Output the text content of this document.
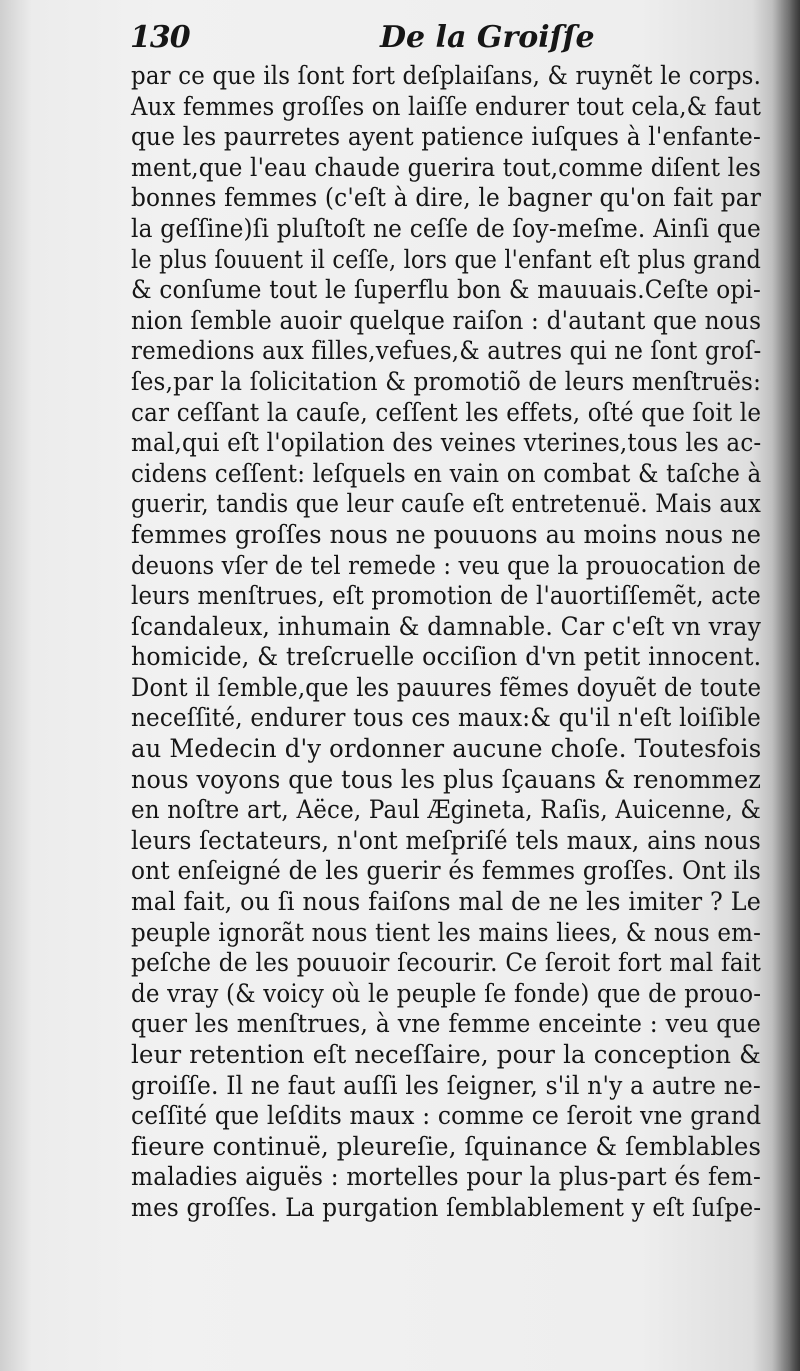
130	De la Groiſſe
par ce que ils ſont fort deſplaiſans, & ruynẽt le corps.
Aux femmes groſſes on laiſſe endurer tout cela,& faut
que les paurretes ayent patience iuſques à l'enfante-
ment,que l'eau chaude guerira tout,comme diſent les
bonnes femmes (c'eſt à dire, le bagner qu'on fait par
la geſſine)ſi pluſtoſt ne ceſſe de ſoy-meſme. Ainſi que
le plus ſouuent il ceſſe, lors que l'enfant eſt plus grand
& conſume tout le ſuperflu bon & mauuais.Ceſte opi-
nion ſemble auoir quelque raiſon : d'autant que nous
remedions aux filles,vefues,& autres qui ne ſont groſ-
ſes,par la ſolicitation & promotiõ de leurs menſtruës:
car ceſſant la cauſe, ceſſent les effets, oſté que ſoit le
mal,qui eſt l'opilation des veines vterines,tous les ac-
cidens ceſſent: leſquels en vain on combat & taſche à
guerir, tandis que leur cauſe eſt entretenuë. Mais aux
femmes groſſes nous ne pouuons au moins nous ne
deuons vſer de tel remede : veu que la prouocation de
leurs menſtrues, eſt promotion de l'auortiſſemẽt, acte
ſcandaleux, inhumain & damnable. Car c'eſt vn vray
homicide, & treſcruelle occiſion d'vn petit innocent.
Dont il ſemble,que les pauures fẽmes doyuẽt de toute
neceſſité, endurer tous ces maux:& qu'il n'eſt loiſible
au Medecin d'y ordonner aucune choſe. Toutesfois
nous voyons que tous les plus ſçauans & renommez
en noſtre art, Aëce, Paul Ægineta, Raſis, Auicenne, &
leurs ſectateurs, n'ont meſpriſé tels maux, ains nous
ont enſeigné de les guerir és femmes groſſes. Ont ils
mal fait, ou ſi nous faiſons mal de ne les imiter ? Le
peuple ignorãt nous tient les mains liees, & nous em-
peſche de les pouuoir ſecourir. Ce ſeroit fort mal fait
de vray (& voicy où le peuple ſe fonde) que de prouo-
quer les menſtrues, à vne femme enceinte : veu que
leur retention eſt neceſſaire, pour la conception &
groiſſe. Il ne faut auſſi les ſeigner, s'il n'y a autre ne-
ceſſité que leſdits maux : comme ce ſeroit vne grand
fieure continuë, pleureſie, ſquinance & ſemblables
maladies aiguës : mortelles pour la plus-part és fem-
mes groſſes. La purgation ſemblablement y eſt ſuſpe-
